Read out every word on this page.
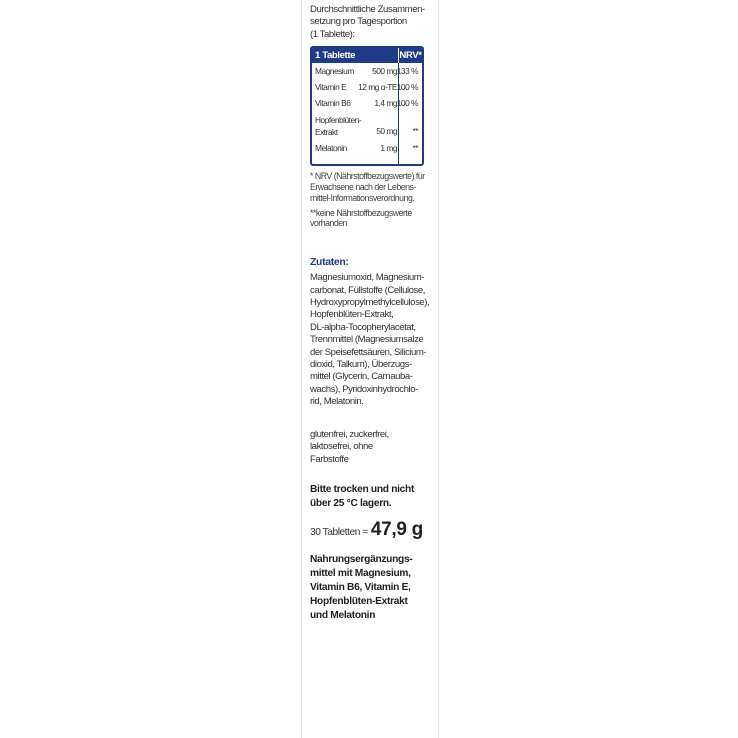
Durchschnittliche Zusammen-
setzung pro Tagesportion
(1 Tablette):

1 Tablette	NRV*
Magnesium 500 mg 133 %
Vitamin E 12 mg α-TE 100 %
Vitamin B6	1,4 mg 100 %
Hopfenblüten-
Extrakt	50 mg **
Melatonin	1 mg **

* NRV (Nährstoffbezugswerte) für
Erwachsene nach der Lebens-
mittel-Informationsverordnung.

**keine Nährstoffbezugswerte
vorhanden

Zutaten:

Magnesiumoxid, Magnesium-
carbonat, Füllstoffe (Cellulose,
Hydroxypropylmethylcellulose),
Hopfenblüten-Extrakt,
DL-alpha-Tocopherylacetat,
Trennmittel (Magnesiumsalze
der Speisefettsäuren, Silicium-
dioxid, Talkum), Überzugs-
mittel (Glycerin, Carnauba-
wachs), Pyridoxinhydrochlo-
rid, Melatonin.

glutenfrei, zuckerfrei,
laktosefrei, ohne
Farbstoffe

Bitte trocken und nicht
über 25 °C lagern.

30 Tabletten = 47,9 g

Nahrungsergänzungs-
mittel mit Magnesium,
Vitamin B6, Vitamin E,
Hopfenblüten-Extrakt
und Melatonin
